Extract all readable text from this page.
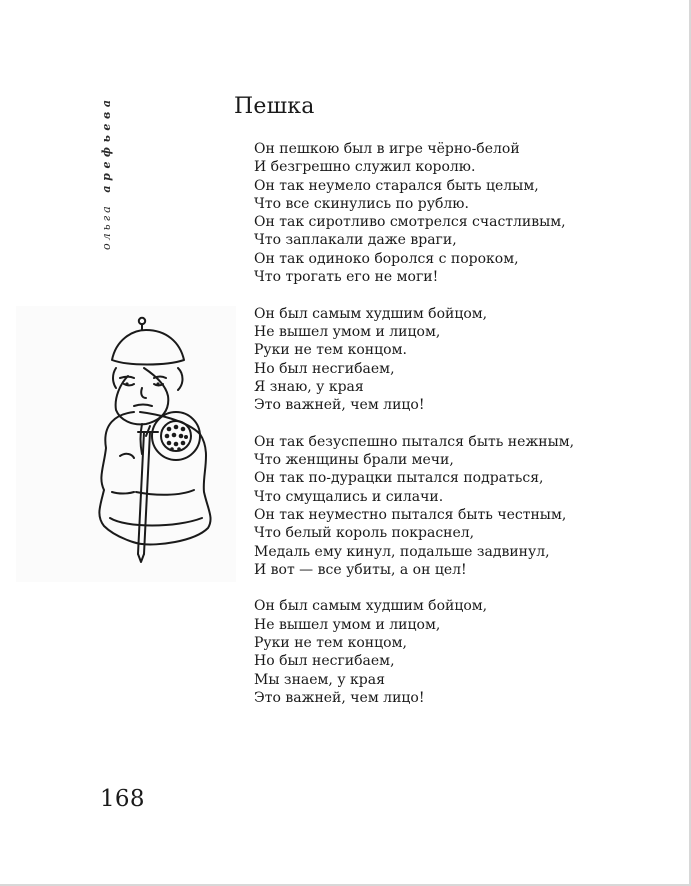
ольга арефьева	Пешка
Он пешкою был в игре чёрно-белой
И безгрешно служил королю.
Он так неумело старался быть целым,
Что все скинулись по рублю.
Он так сиротливо смотрелся счастливым,
Что заплакали даже враги,
Он так одиноко боролся с пороком,
Что трогать его не моги!
Он был самым худшим бойцом,
Не вышел умом и лицом,
Руки не тем концом.
Но был несгибаем,
Я знаю, у края
Это важней, чем лицо!
Он так безуспешно пытался быть нежным,
Что женщины брали мечи,
Он так по-дурацки пытался подраться,
Что смущались и силачи.
Он так неуместно пытался быть честным,
Что белый король покраснел,
Медаль ему кинул, подальше задвинул,
И вот — все убиты, а он цел!
Он был самым худшим бойцом,
Не вышел умом и лицом,
Руки не тем концом,
Но был несгибаем,
Мы знаем, у края
Это важней, чем лицо!
168
